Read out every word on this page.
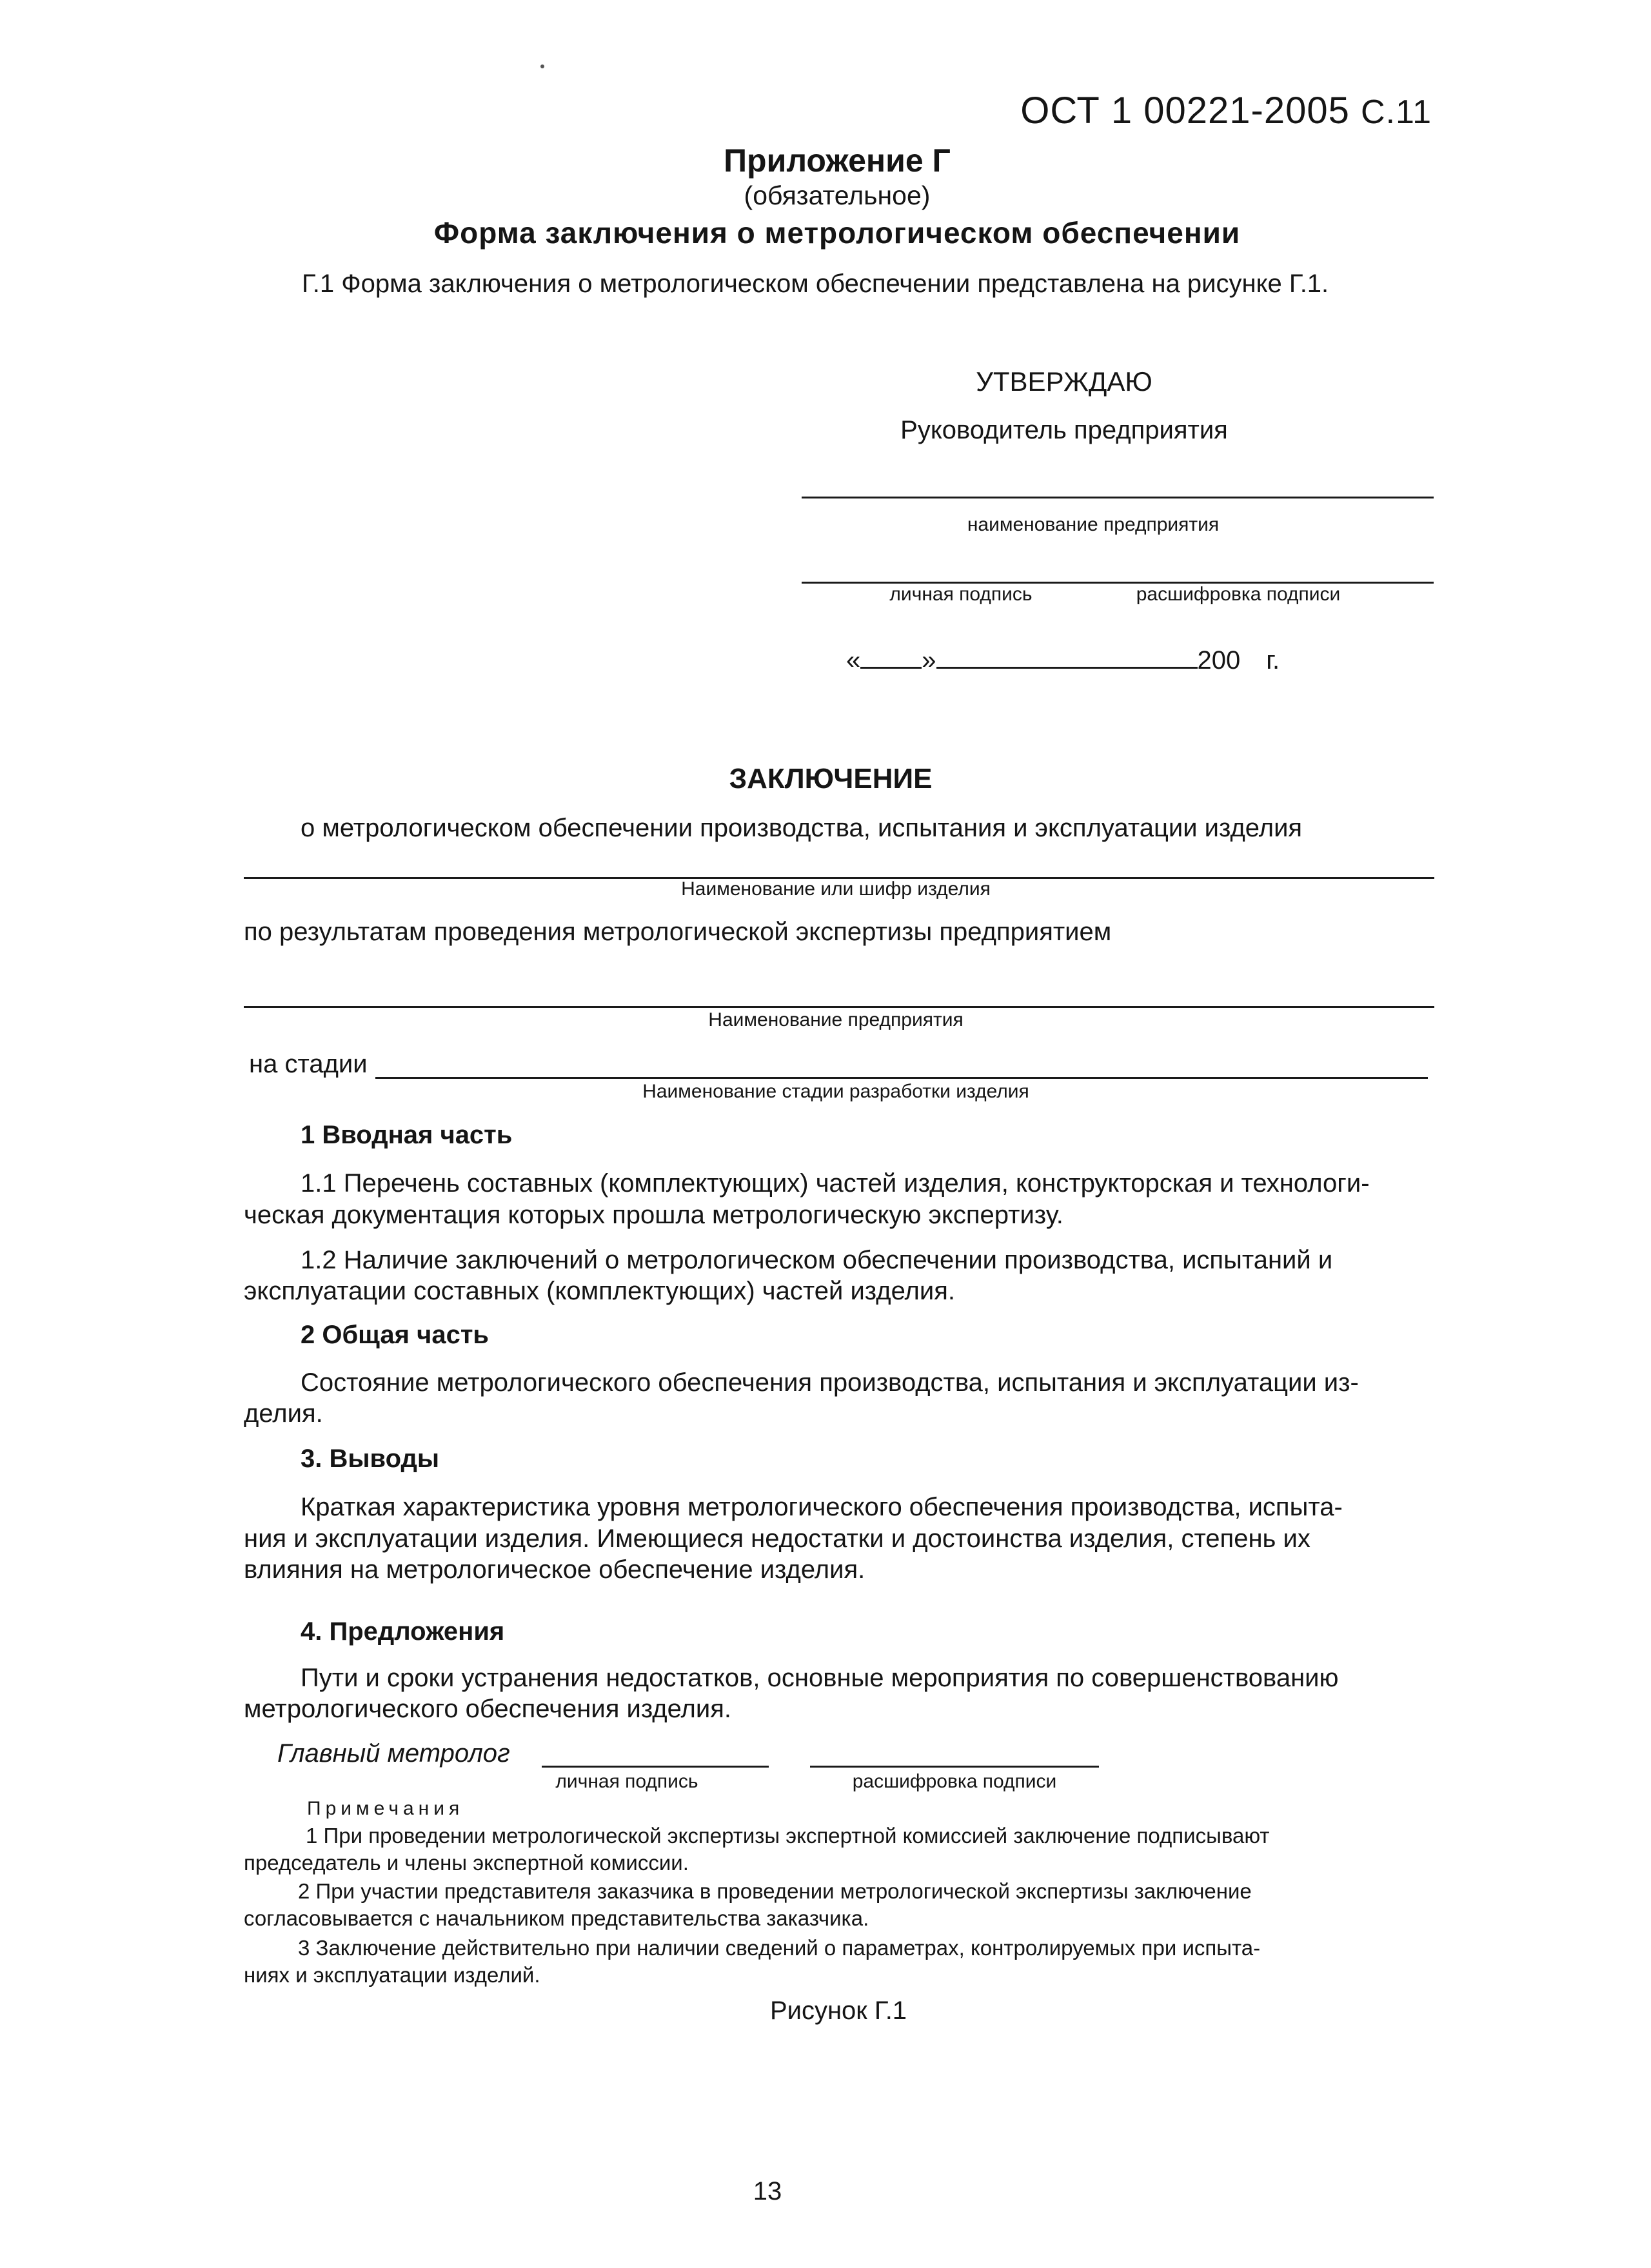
ОСТ 1 00221-2005 С.11
Приложение Г
(обязательное)
Форма заключения о метрологическом обеспечении
Г.1 Форма заключения о метрологическом обеспечении представлена на рисунке Г.1.
УТВЕРЖДАЮ
Руководитель предприятия
наименование предприятия
личная подпись	расшифровка подписи
« »	200 г.
ЗАКЛЮЧЕНИЕ
о метрологическом обеспечении производства, испытания и эксплуатации изделия
Наименование или шифр изделия
по результатам проведения метрологической экспертизы предприятием
Наименование предприятия
на стадии
Наименование стадии разработки изделия
1 Вводная часть
1.1 Перечень составных (комплектующих) частей изделия, конструкторская и технологи-
ческая документация которых прошла метрологическую экспертизу.
1.2 Наличие заключений о метрологическом обеспечении производства, испытаний и
эксплуатации составных (комплектующих) частей изделия.
2 Общая часть
Состояние метрологического обеспечения производства, испытания и эксплуатации из-
делия.
3. Выводы
Краткая характеристика уровня метрологического обеспечения производства, испыта-
ния и эксплуатации изделия. Имеющиеся недостатки и достоинства изделия, степень их
влияния на метрологическое обеспечение изделия.
4. Предложения
Пути и сроки устранения недостатков, основные мероприятия по совершенствованию
метрологического обеспечения изделия.
Главный метролог
личная подпись	расшифровка подписи
Примечания
1 При проведении метрологической экспертизы экспертной комиссией заключение подписывают
председатель и члены экспертной комиссии.
2 При участии представителя заказчика в проведении метрологической экспертизы заключение
согласовывается с начальником представительства заказчика.
3 Заключение действительно при наличии сведений о параметрах, контролируемых при испыта-
ниях и эксплуатации изделий.
Рисунок Г.1
13
